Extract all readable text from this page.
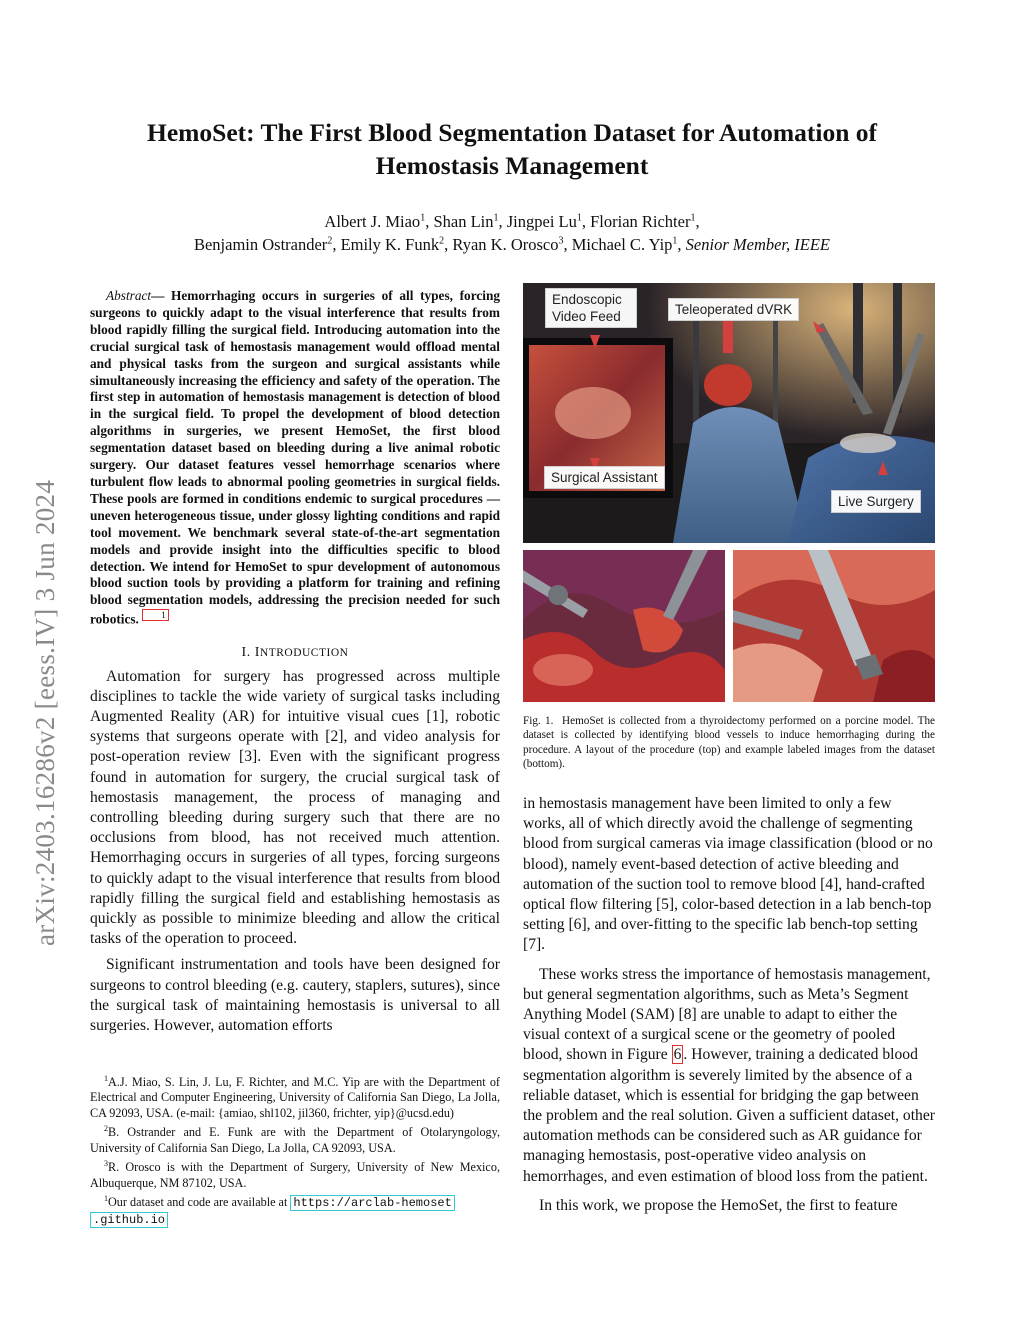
arXiv:2403.16286v2 [eess.IV] 3 Jun 2024
HemoSet: The First Blood Segmentation Dataset for Automation of Hemostasis Management
Albert J. Miao$^1$, Shan Lin$^1$, Jingpei Lu$^1$, Florian Richter$^1$,
Benjamin Ostrander$^2$, Emily K. Funk$^2$, Ryan K. Orosco$^3$, Michael C. Yip$^1$, Senior Member, IEEE

Abstract— Hemorrhaging occurs in surgeries of all types, forcing surgeons to quickly adapt to the visual interference that results from blood rapidly filling the surgical field. Introducing automation into the crucial surgical task of hemostasis management would offload mental and physical tasks from the surgeon and surgical assistants while simultaneously increasing the efficiency and safety of the operation. The first step in automation of hemostasis management is detection of blood in the surgical field. To propel the development of blood detection algorithms in surgeries, we present HemoSet, the first blood segmentation dataset based on bleeding during a live animal robotic surgery. Our dataset features vessel hemorrhage scenarios where turbulent flow leads to abnormal pooling geometries in surgical fields. These pools are formed in conditions endemic to surgical procedures — uneven heterogeneous tissue, under glossy lighting conditions and rapid tool movement. We benchmark several state-of-the-art segmentation models and provide insight into the difficulties specific to blood detection. We intend for HemoSet to spur development of autonomous blood suction tools by providing a platform for training and refining blood segmentation models, addressing the precision needed for such robotics. 1

I. INTRODUCTION

Automation for surgery has progressed across multiple disciplines to tackle the wide variety of surgical tasks including Augmented Reality (AR) for intuitive visual cues [1], robotic systems that surgeons operate with [2], and video analysis for post-operation review [3]. Even with the significant progress found in automation for surgery, the crucial surgical task of hemostasis management, the process of managing and controlling bleeding during surgery such that there are no occlusions from blood, has not received much attention. Hemorrhaging occurs in surgeries of all types, forcing surgeons to quickly adapt to the visual interference that results from blood rapidly filling the surgical field and establishing hemostasis as quickly as possible to minimize bleeding and allow the critical tasks of the operation to proceed.

Significant instrumentation and tools have been designed for surgeons to control bleeding (e.g. cautery, staplers, sutures), since the surgical task of maintaining hemostasis is universal to all surgeries. However, automation efforts

$^1$A.J. Miao, S. Lin, J. Lu, F. Richter, and M.C. Yip are with the Department of Electrical and Computer Engineering, University of California San Diego, La Jolla, CA 92093, USA. (e-mail: {amiao, shl102, jil360, frichter, yip}@ucsd.edu)

$^2$B. Ostrander and E. Funk are with the Department of Otolaryngology, University of California San Diego, La Jolla, CA 92093, USA.

$^3$R. Orosco is with the Department of Surgery, University of New Mexico, Albuquerque, NM 87102, USA.

$^1$Our dataset and code are available at https://arclab-hemoset
.github.io

Endoscopic Video Feed	Teleoperated dVRK
Surgical Assistant
Live Surgery
Fig. 1. HemoSet is collected from a thyroidectomy performed on a porcine model. The dataset is collected by identifying blood vessels to induce hemorrhaging during the procedure. A layout of the procedure (top) and example labeled images from the dataset (bottom).

in hemostasis management have been limited to only a few works, all of which directly avoid the challenge of segmenting blood from surgical cameras via image classification (blood or no blood), namely event-based detection of active bleeding and automation of the suction tool to remove blood [4], hand-crafted optical flow filtering [5], color-based detection in a lab bench-top setting [6], and over-fitting to the specific lab bench-top setting [7].

These works stress the importance of hemostasis management, but general segmentation algorithms, such as Meta’s Segment Anything Model (SAM) [8] are unable to adapt to either the visual context of a surgical scene or the geometry of pooled blood, shown in Figure 6 . However, training a dedicated blood segmentation algorithm is severely limited by the absence of a reliable dataset, which is essential for bridging the gap between the problem and the real solution. Given a sufficient dataset, other automation methods can be considered such as AR guidance for managing hemostasis, post-operative video analysis on hemorrhages, and even estimation of blood loss from the patient.

In this work, we propose the HemoSet, the first to feature
